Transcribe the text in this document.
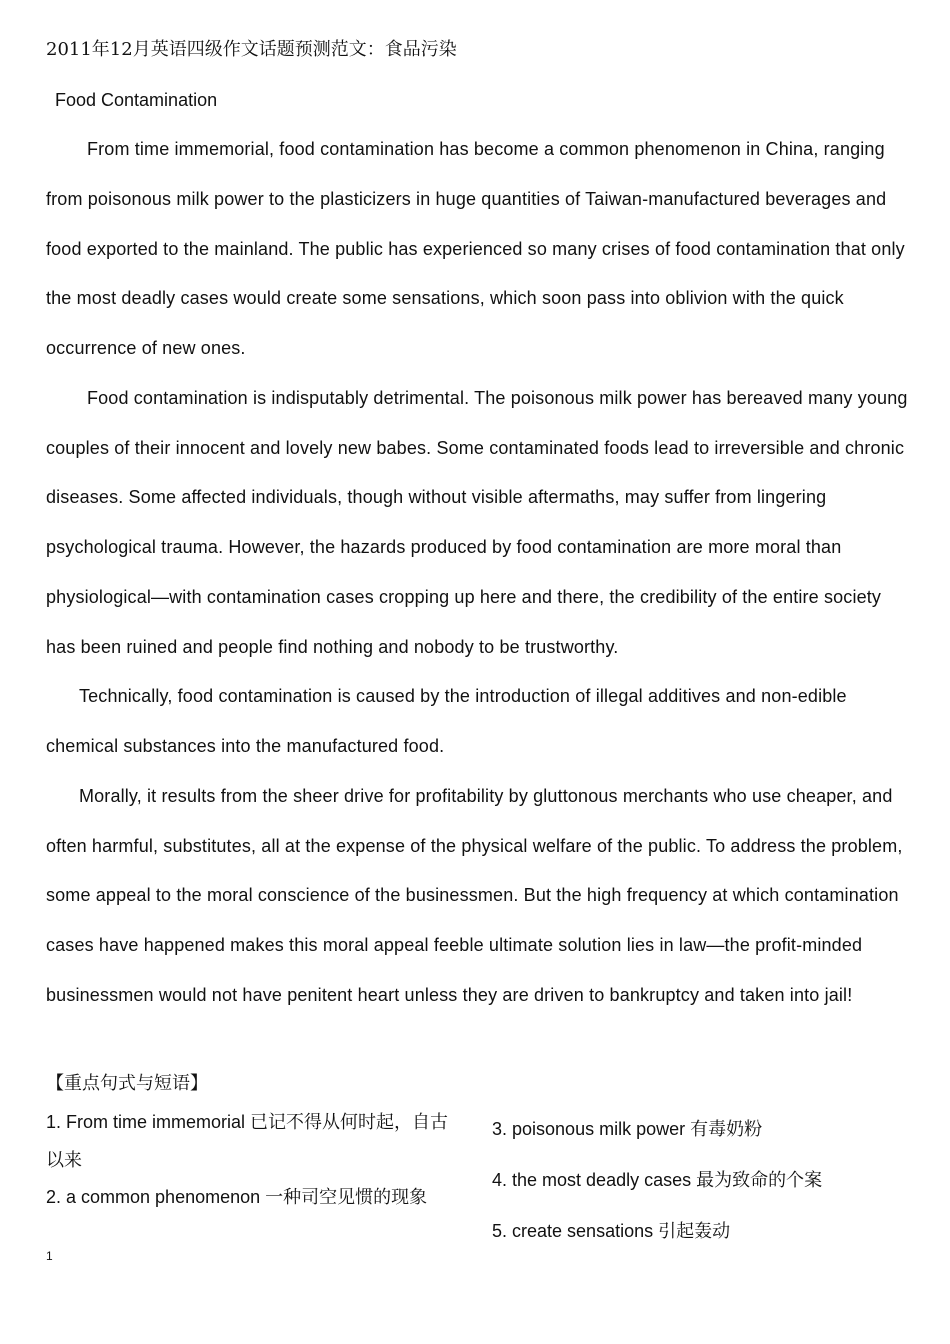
2011年12月英语四级作文话题预测范文：食品污染
Food Contamination

From time immemorial, food contamination has become a common phenomenon in China, ranging from poisonous milk power to the plasticizers in huge quantities of Taiwan-manufactured beverages and food exported to the mainland. The public has experienced so many crises of food contamination that only the most deadly cases would create some sensations, which soon pass into oblivion with the quick occurrence of new ones.

Food contamination is indisputably detrimental. The poisonous milk power has bereaved many young couples of their innocent and lovely new babes. Some contaminated foods lead to irreversible and chronic diseases. Some affected individuals, though without visible aftermaths, may suffer from lingering psychological trauma. However, the hazards produced by food contamination are more moral than physiological—with contamination cases cropping up here and there, the credibility of the entire society has been ruined and people find nothing and nobody to be trustworthy.

Technically, food contamination is caused by the introduction of illegal additives and non-edible chemical substances into the manufactured food.

Morally, it results from the sheer drive for profitability by gluttonous merchants who use cheaper, and often harmful, substitutes, all at the expense of the physical welfare of the public. To address the problem, some appeal to the moral conscience of the businessmen. But the high frequency at which contamination cases have happened makes this moral appeal feeble ultimate solution lies in law—the profit-minded businessmen would not have penitent heart unless they are driven to bankruptcy and taken into jail!

【重点句式与短语】

1. From time immemorial 已记不得从何时起，自古以来

2. a common phenomenon 一种司空见惯的现象

3. poisonous milk power 有毒奶粉

4. the most deadly cases 最为致命的个案

5. create sensations 引起轰动

1
